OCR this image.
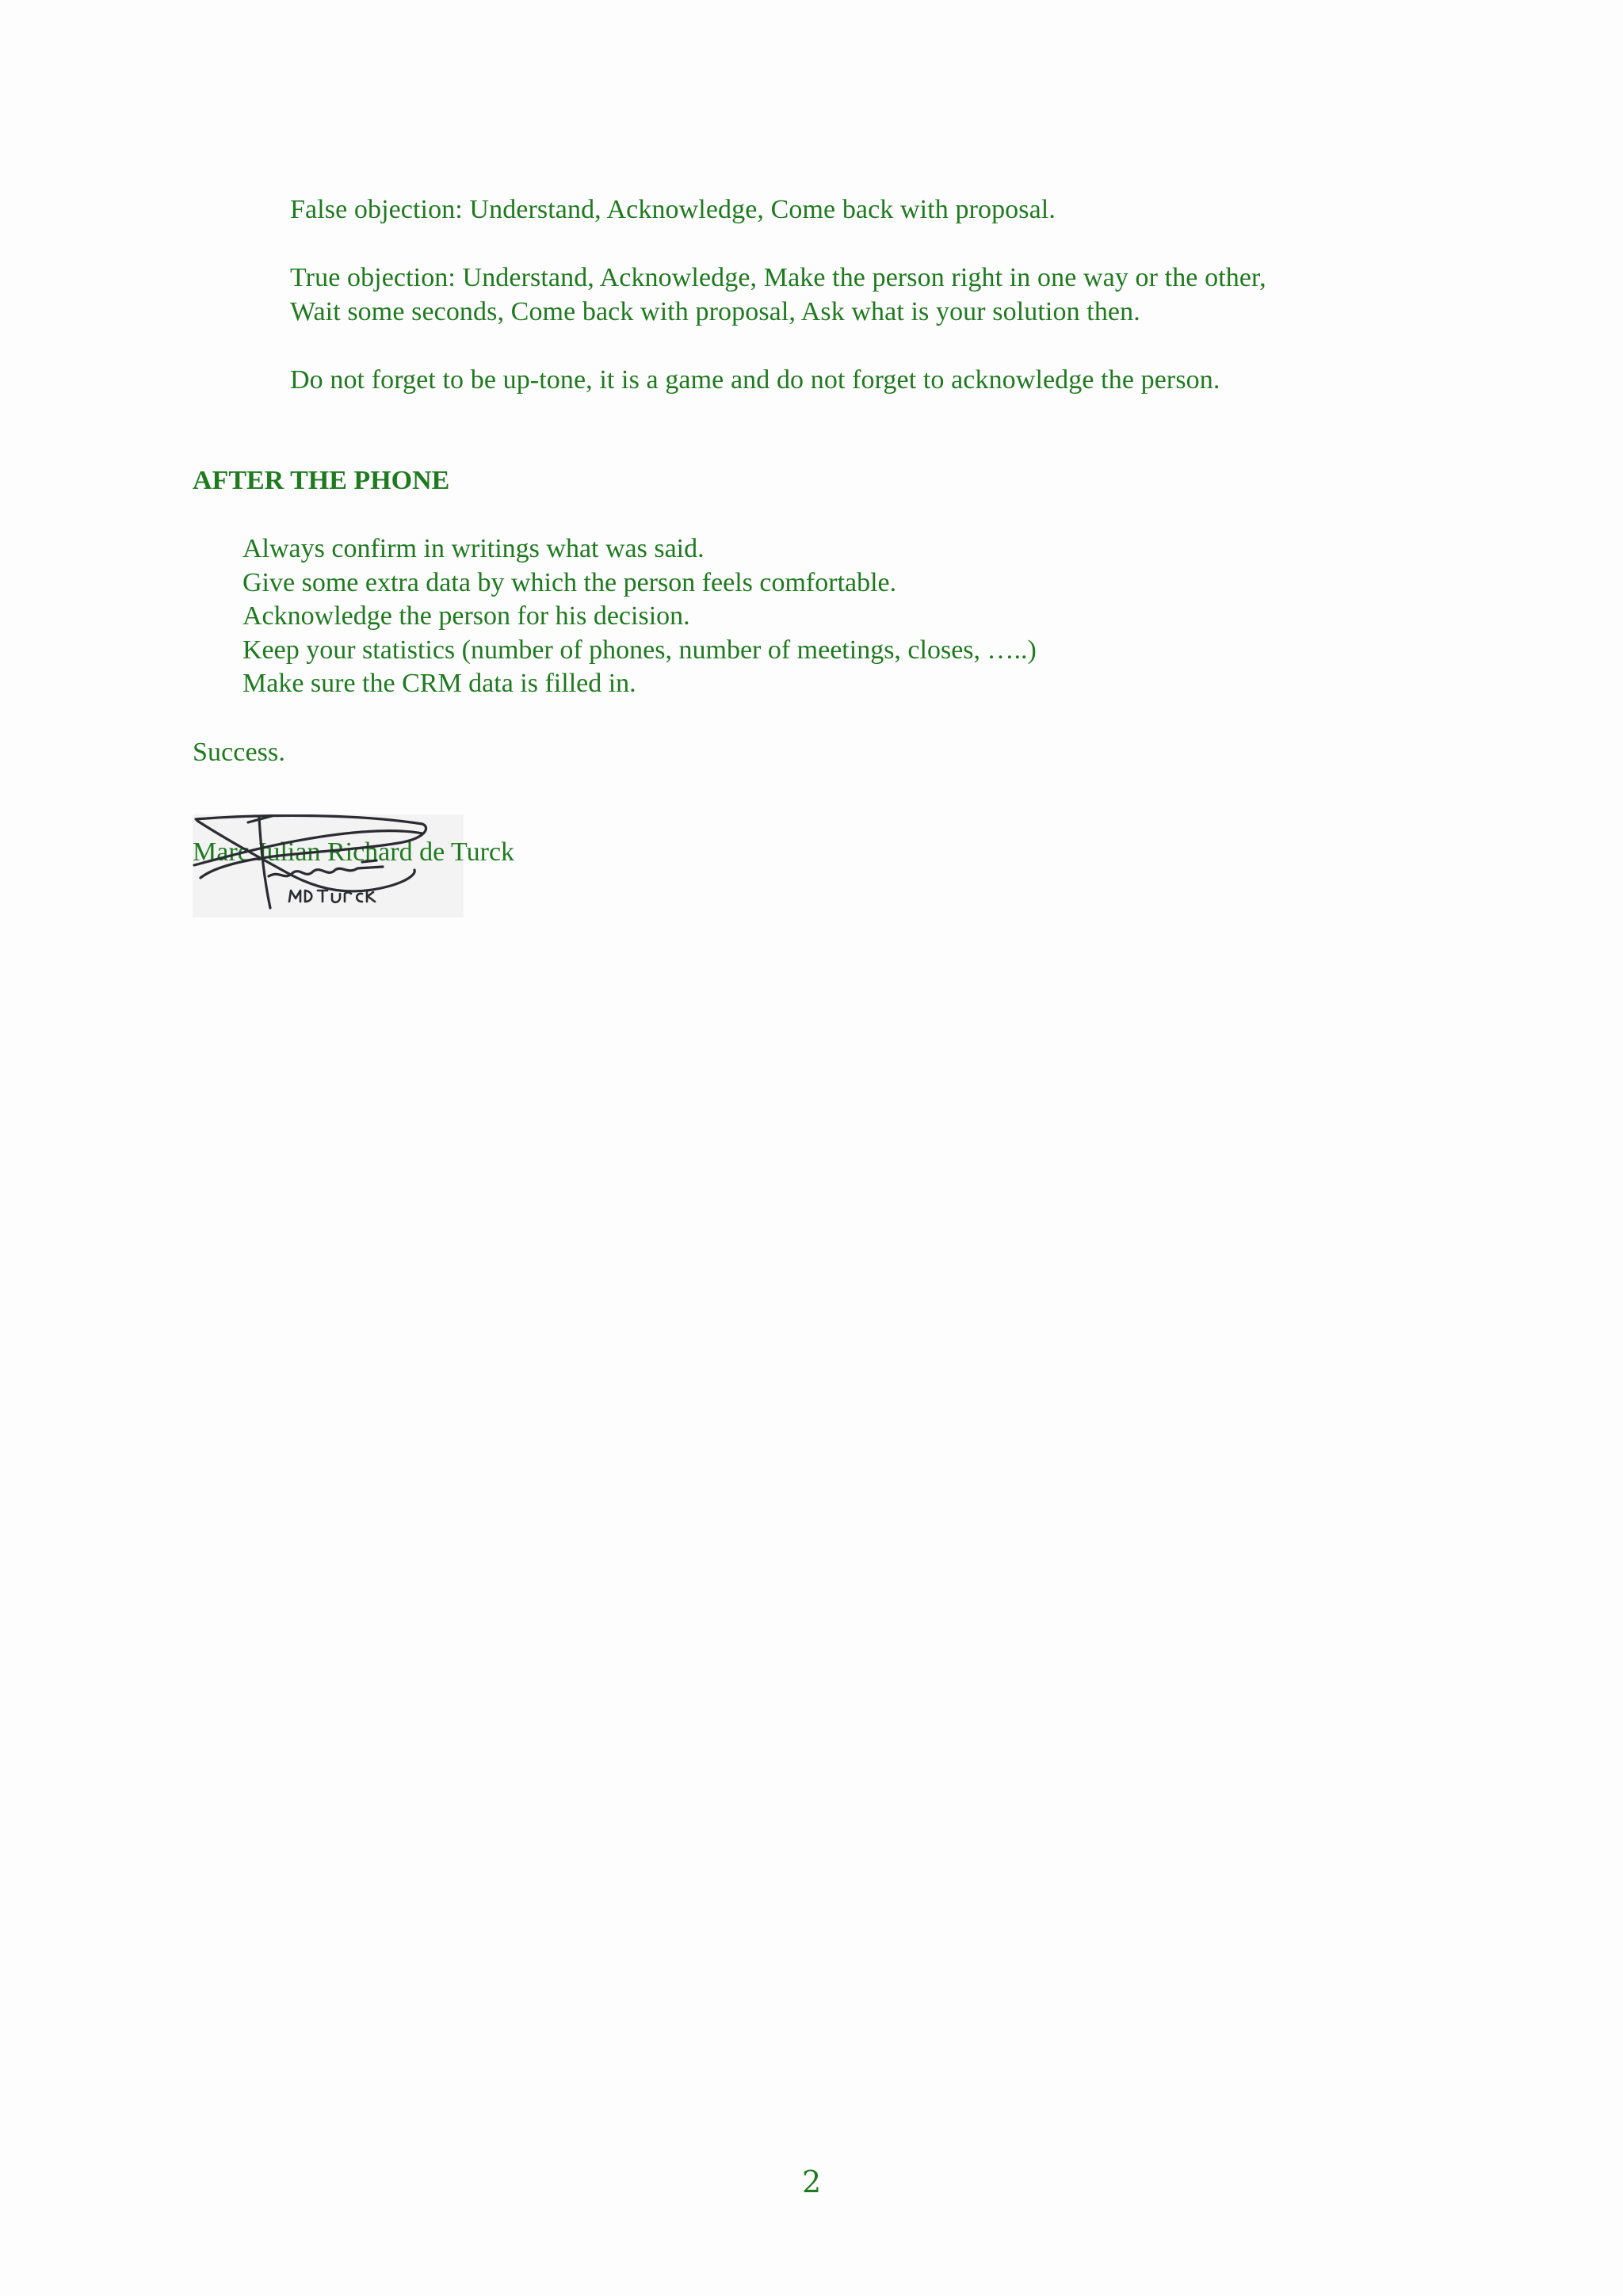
False objection: Understand, Acknowledge, Come back with proposal.
True objection: Understand, Acknowledge, Make the person right in one way or the other,
Wait some seconds, Come back with proposal, Ask what is your solution then.
Do not forget to be up-tone, it is a game and do not forget to acknowledge the person.
AFTER THE PHONE
Always confirm in writings what was said.
Give some extra data by which the person feels comfortable.
Acknowledge the person for his decision.
Keep your statistics (number of phones, number of meetings, closes, …..)
Make sure the CRM data is filled in.
Success.
Marc Julian Richard de Turck
2
